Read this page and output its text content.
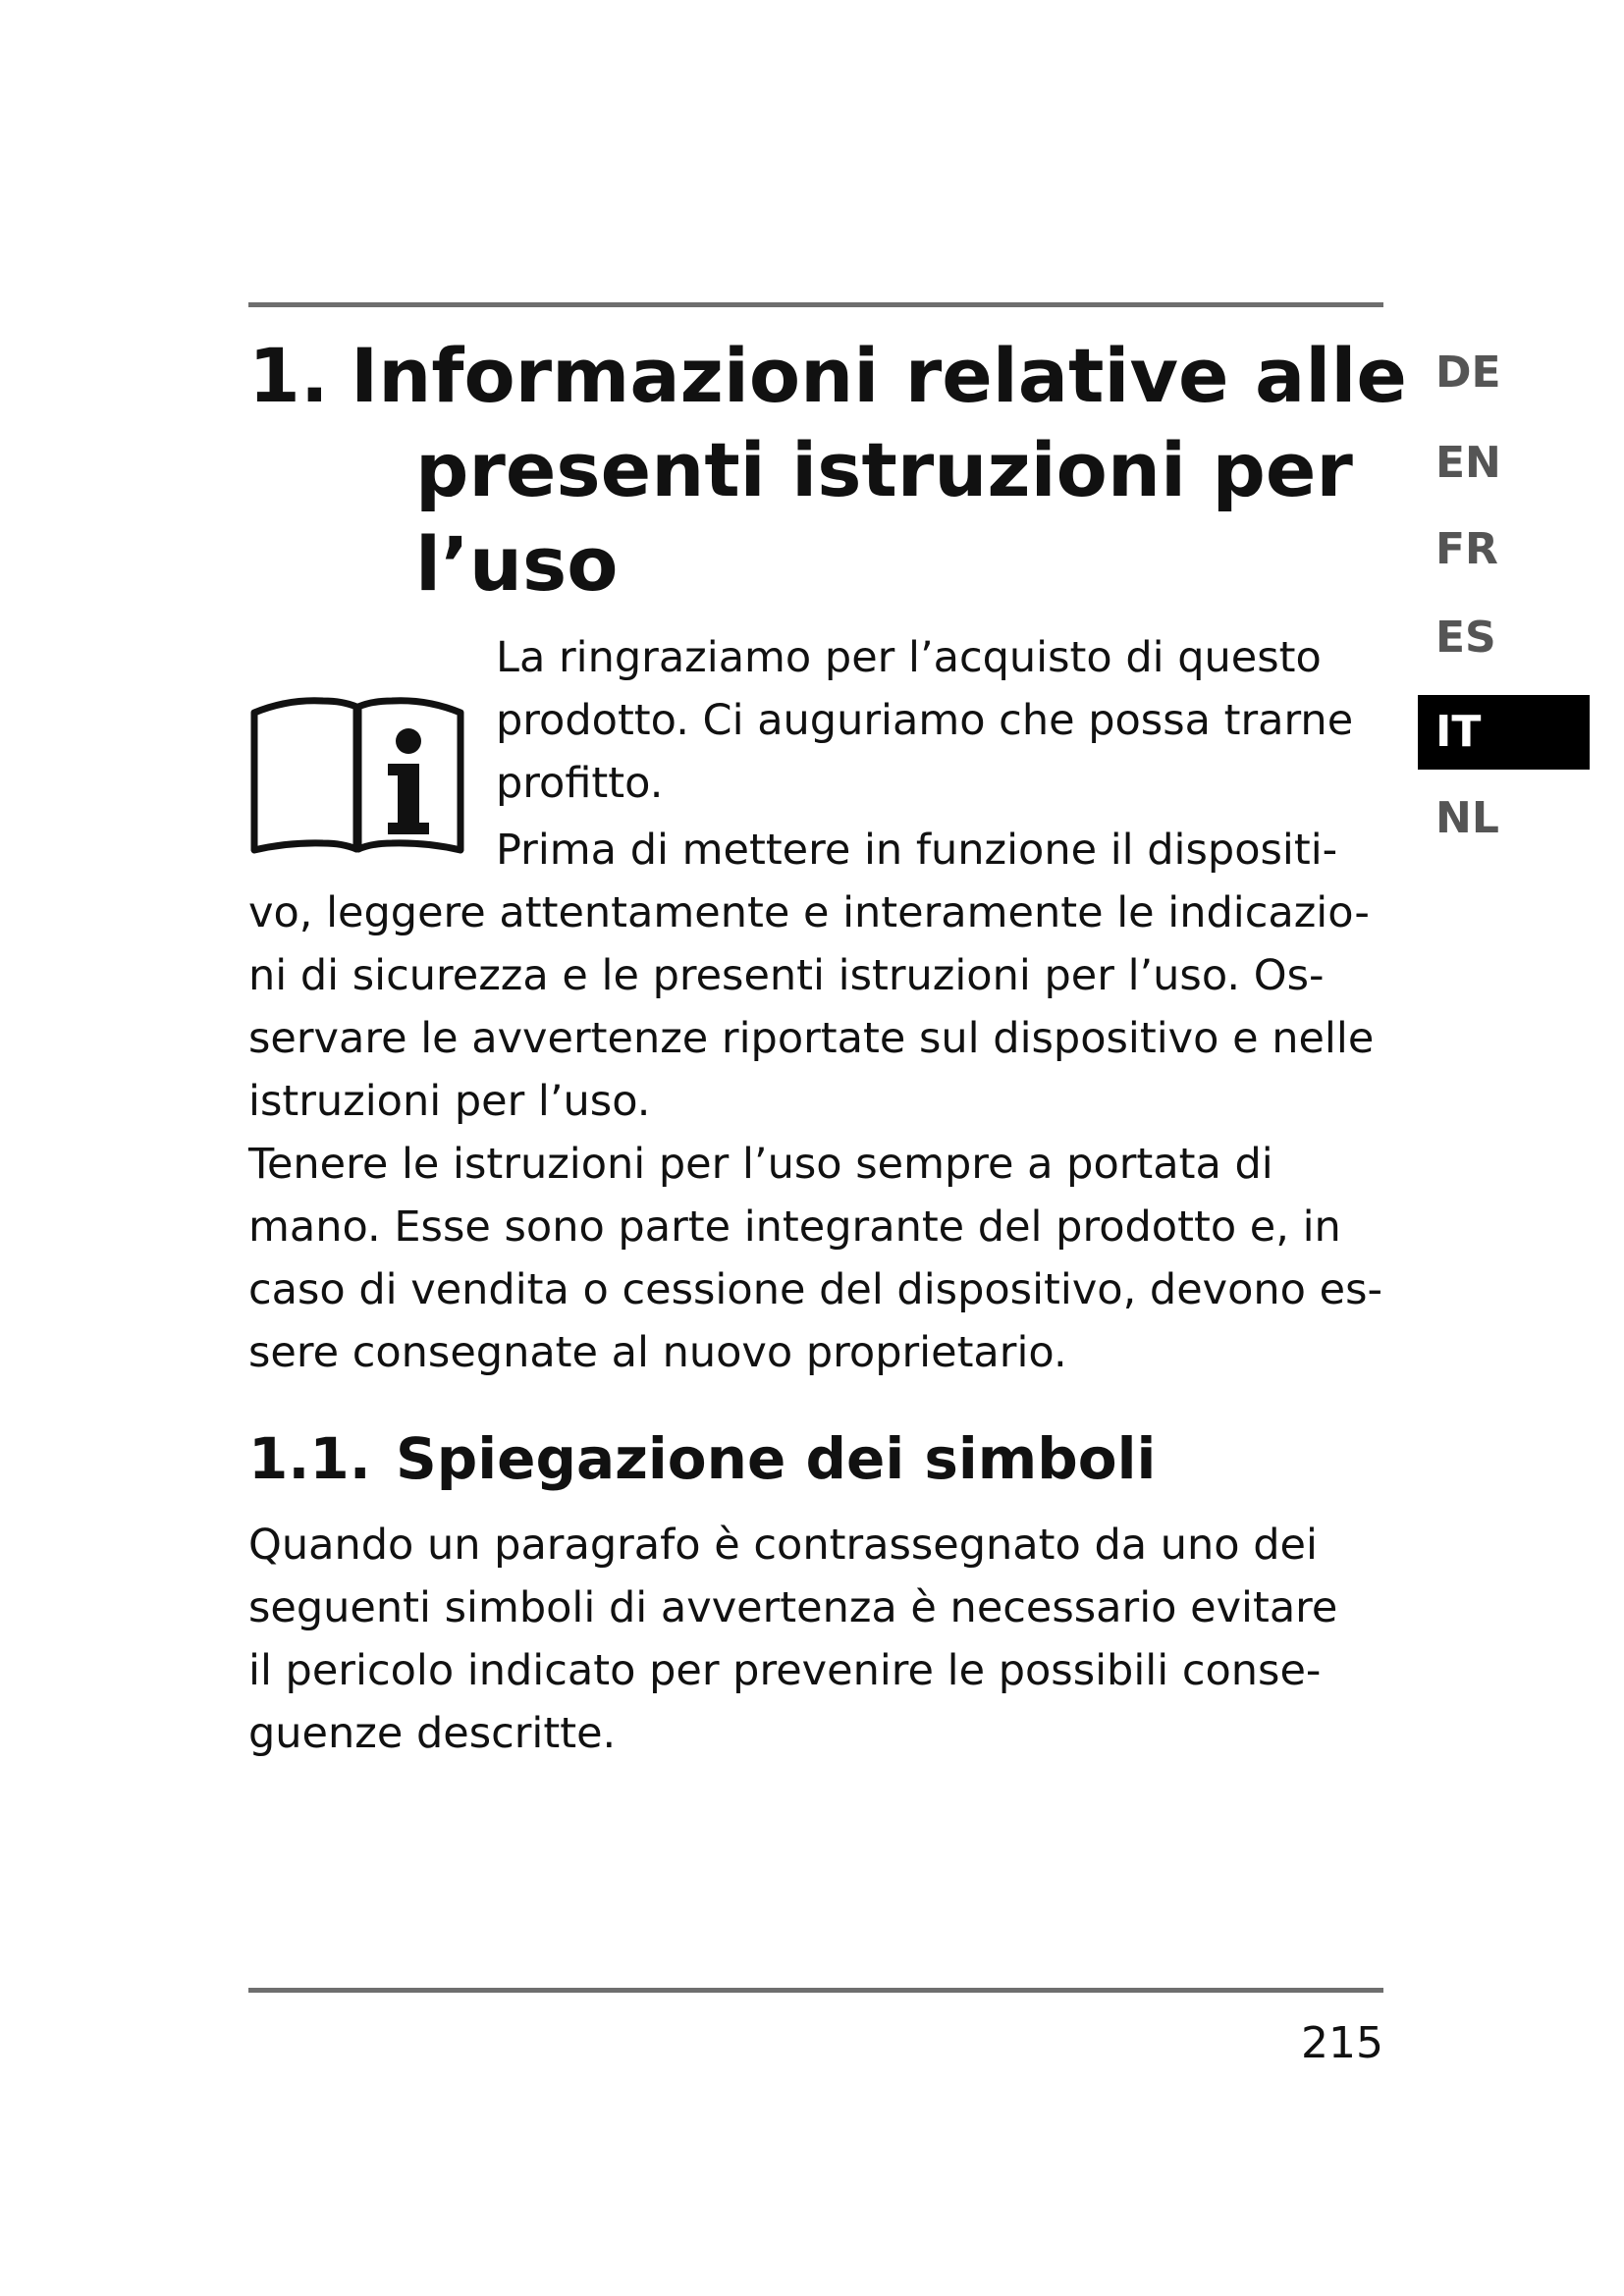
1. Informazioni relative alle
presenti istruzioni per
l’uso

La ringraziamo per l’acquisto di questo
prodotto. Ci auguriamo che possa trarne
profitto.

Prima di mettere in funzione il dispositi-
vo, leggere attentamente e interamente le indicazio-
ni di sicurezza e le presenti istruzioni per l’uso. Os-
servare le avvertenze riportate sul dispositivo e nelle
istruzioni per l’uso.

Tenere le istruzioni per l’uso sempre a portata di
mano. Esse sono parte integrante del prodotto e, in
caso di vendita o cessione del dispositivo, devono es-
sere consegnate al nuovo proprietario.

1.1. Spiegazione dei simboli

Quando un paragrafo è contrassegnato da uno dei
seguenti simboli di avvertenza è necessario evitare
il pericolo indicato per prevenire le possibili conse-
guenze descritte.

DE
EN
FR
ES
IT
NL
215
